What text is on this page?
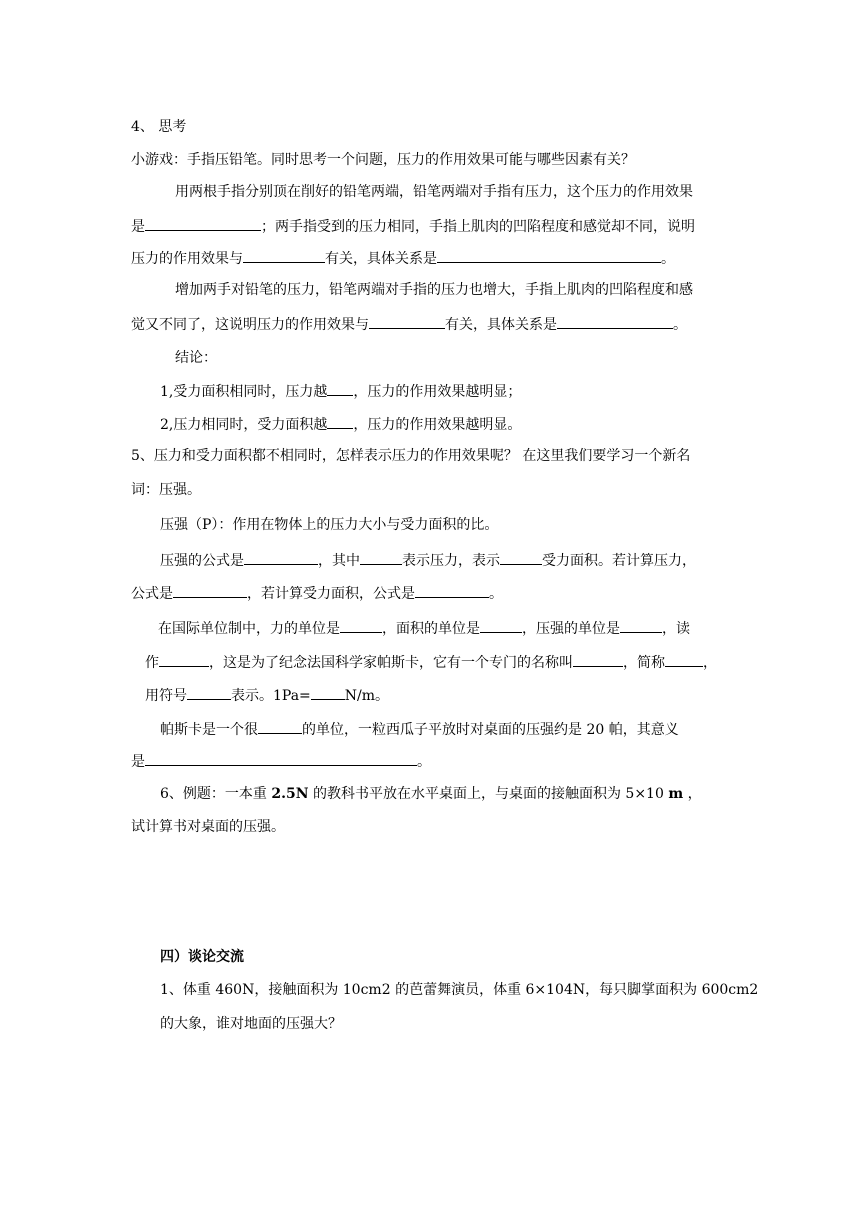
4、 思考
小游戏：手指压铅笔。同时思考一个问题，压力的作用效果可能与哪些因素有关？
用两根手指分别顶在削好的铅笔两端，铅笔两端对手指有压力，这个压力的作用效果
是	；两手指受到的压力相同，手指上肌肉的凹陷程度和感觉却不同，说明
压力的作用效果与	有关，具体关系是	。
增加两手对铅笔的压力，铅笔两端对手指的压力也增大，手指上肌肉的凹陷程度和感
觉又不同了，这说明压力的作用效果与	有关，具体关系是	。
结论：
1,受力面积相同时，压力越 ，压力的作用效果越明显；
2,压力相同时，受力面积越 ，压力的作用效果越明显。
5、压力和受力面积都不相同时，怎样表示压力的作用效果呢？ 在这里我们要学习一个新名
词：压强。
压强（P）：作用在物体上的压力大小与受力面积的比。
压强的公式是	，其中	表示压力，表示	受力面积。若计算压力，
公式是	，若计算受力面积，公式是	。
在国际单位制中，力的单位是	，面积的单位是	，压强的单位是	，读
作	，这是为了纪念法国科学家帕斯卡，它有一个专门的名称叫	，简称	，
用符号	表示。1Pa= N/m。
帕斯卡是一个很	的单位，一粒西瓜子平放时对桌面的压强约是 20 帕，其意义
是	。
6、例题：一本重 2.5N 的教科书平放在水平桌面上，与桌面的接触面积为 5×10 m ，
试计算书对桌面的压强。
四）谈论交流
1、体重 460N，接触面积为 10cm2 的芭蕾舞演员，体重 6×104N，每只脚掌面积为 600cm2
的大象，谁对地面的压强大？
